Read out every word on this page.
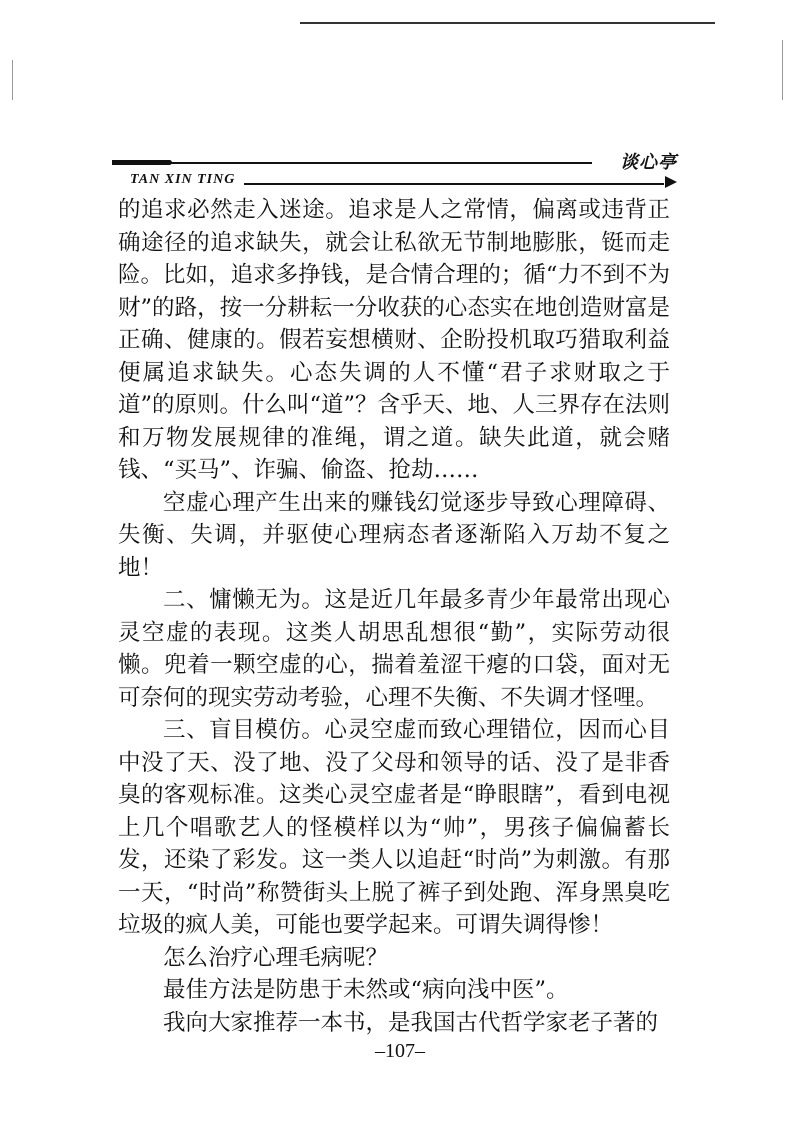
谈心亭
TAN XIN TING

的追求必然走入迷途。追求是人之常情，偏离或违背正确途径的追求缺失，就会让私欲无节制地膨胀，铤而走险。比如，追求多挣钱，是合情合理的；循“力不到不为财”的路，按一分耕耘一分收获的心态实在地创造财富是正确、健康的。假若妄想横财、企盼投机取巧猎取利益便属追求缺失。心态失调的人不懂“君子求财取之于道”的原则。什么叫“道”？含乎天、地、人三界存在法则和万物发展规律的准绳，谓之道。缺失此道，就会赌钱、“买马”、诈骗、偷盗、抢劫……

空虚心理产生出来的赚钱幻觉逐步导致心理障碍、失衡、失调，并驱使心理病态者逐渐陷入万劫不复之地！

二、慵懒无为。这是近几年最多青少年最常出现心灵空虚的表现。这类人胡思乱想很“勤”，实际劳动很懒。兜着一颗空虚的心，揣着羞涩干瘪的口袋，面对无可奈何的现实劳动考验，心理不失衡、不失调才怪哩。

三、盲目模仿。心灵空虚而致心理错位，因而心目中没了天、没了地、没了父母和领导的话、没了是非香臭的客观标准。这类心灵空虚者是“睁眼瞎”，看到电视上几个唱歌艺人的怪模样以为“帅”，男孩子偏偏蓄长发，还染了彩发。这一类人以追赶“时尚”为刺激。有那一天，“时尚”称赞街头上脱了裤子到处跑、浑身黑臭吃垃圾的疯人美，可能也要学起来。可谓失调得惨！

怎么治疗心理毛病呢？

最佳方法是防患于未然或“病向浅中医”。

我向大家推荐一本书，是我国古代哲学家老子著的

–107–
